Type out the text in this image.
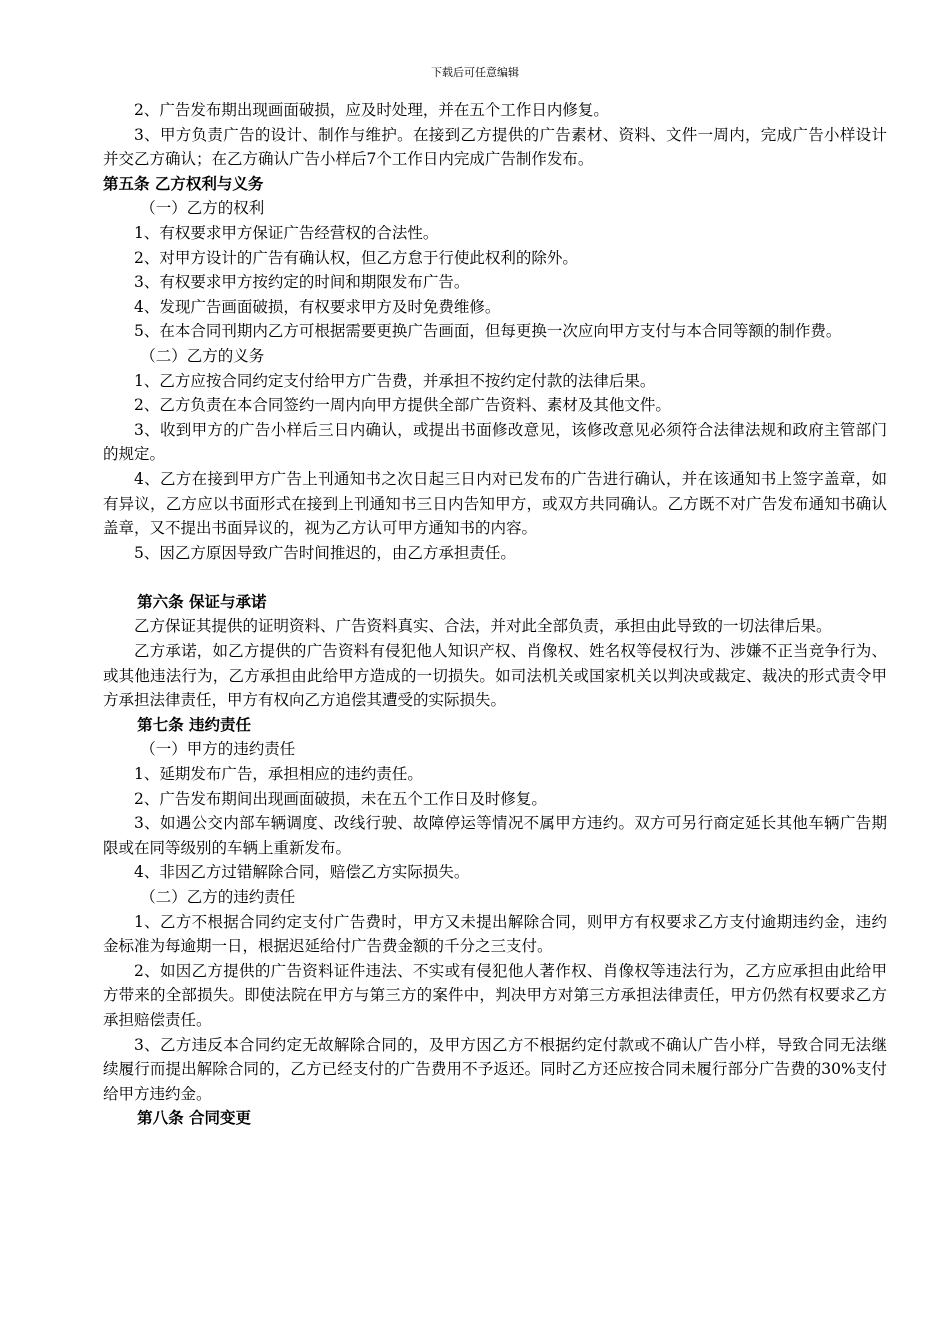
下载后可任意编辑
2、广告发布期出现画面破损，应及时处理，并在五个工作日内修复。
3、甲方负责广告的设计、制作与维护。在接到乙方提供的广告素材、资料、文件一周内，完成广告小样设计并交乙方确认；在乙方确认广告小样后7个工作日内完成广告制作发布。
第五条 乙方权利与义务
（一）乙方的权利
1、有权要求甲方保证广告经营权的合法性。
2、对甲方设计的广告有确认权，但乙方怠于行使此权利的除外。
3、有权要求甲方按约定的时间和期限发布广告。
4、发现广告画面破损，有权要求甲方及时免费维修。
5、在本合同刊期内乙方可根据需要更换广告画面，但每更换一次应向甲方支付与本合同等额的制作费。
（二）乙方的义务
1、乙方应按合同约定支付给甲方广告费，并承担不按约定付款的法律后果。
2、乙方负责在本合同签约一周内向甲方提供全部广告资料、素材及其他文件。
3、收到甲方的广告小样后三日内确认，或提出书面修改意见，该修改意见必须符合法律法规和政府主管部门的规定。
4、乙方在接到甲方广告上刊通知书之次日起三日内对已发布的广告进行确认，并在该通知书上签字盖章，如有异议，乙方应以书面形式在接到上刊通知书三日内告知甲方，或双方共同确认。乙方既不对广告发布通知书确认盖章，又不提出书面异议的，视为乙方认可甲方通知书的内容。
5、因乙方原因导致广告时间推迟的，由乙方承担责任。
第六条 保证与承诺
乙方保证其提供的证明资料、广告资料真实、合法，并对此全部负责，承担由此导致的一切法律后果。
乙方承诺，如乙方提供的广告资料有侵犯他人知识产权、肖像权、姓名权等侵权行为、涉嫌不正当竞争行为、或其他违法行为，乙方承担由此给甲方造成的一切损失。如司法机关或国家机关以判决或裁定、裁决的形式责令甲方承担法律责任，甲方有权向乙方追偿其遭受的实际损失。
第七条 违约责任
（一）甲方的违约责任
1、延期发布广告，承担相应的违约责任。
2、广告发布期间出现画面破损，未在五个工作日及时修复。
3、如遇公交内部车辆调度、改线行驶、故障停运等情况不属甲方违约。双方可另行商定延长其他车辆广告期限或在同等级别的车辆上重新发布。
4、非因乙方过错解除合同，赔偿乙方实际损失。
（二）乙方的违约责任
1、乙方不根据合同约定支付广告费时，甲方又未提出解除合同，则甲方有权要求乙方支付逾期违约金，违约金标准为每逾期一日，根据迟延给付广告费金额的千分之三支付。
2、如因乙方提供的广告资料证件违法、不实或有侵犯他人著作权、肖像权等违法行为，乙方应承担由此给甲方带来的全部损失。即使法院在甲方与第三方的案件中，判决甲方对第三方承担法律责任，甲方仍然有权要求乙方承担赔偿责任。
3、乙方违反本合同约定无故解除合同的，及甲方因乙方不根据约定付款或不确认广告小样，导致合同无法继续履行而提出解除合同的，乙方已经支付的广告费用不予返还。同时乙方还应按合同未履行部分广告费的30%支付给甲方违约金。
第八条 合同变更
